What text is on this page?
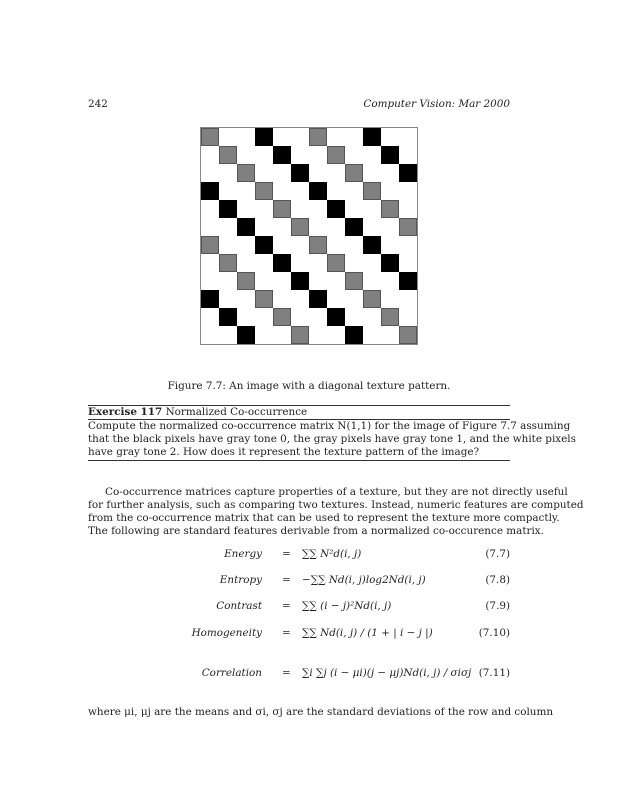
242	Computer Vision: Mar 2000
Figure 7.7: An image with a diagonal texture pattern.
Exercise 117 Normalized Co-occurrence
Compute the normalized co-occurrence matrix N(1,1) for the image of Figure 7.7 assuming
that the black pixels have gray tone 0, the gray pixels have gray tone 1, and the white pixels
have gray tone 2. How does it represent the texture pattern of the image?
Co-occurrence matrices capture properties of a texture, but they are not directly useful
for further analysis, such as comparing two textures. Instead, numeric features are computed
from the co-occurrence matrix that can be used to represent the texture more compactly.
The following are standard features derivable from a normalized co-occurence matrix.
Energy = ∑∑ N²d(i, j)	(7.7)
Entropy = −∑∑ Nd(i, j)log2Nd(i, j)	(7.8)
Contrast = ∑∑ (i − j)²Nd(i, j)	(7.9)
Homogeneity = ∑∑ Nd(i, j) / (1 + | i − j |)	(7.10)
Correlation = ∑i ∑j (i − μi)(j − μj)Nd(i, j) / σiσj (7.11)
where μi, μj are the means and σi, σj are the standard deviations of the row and column
